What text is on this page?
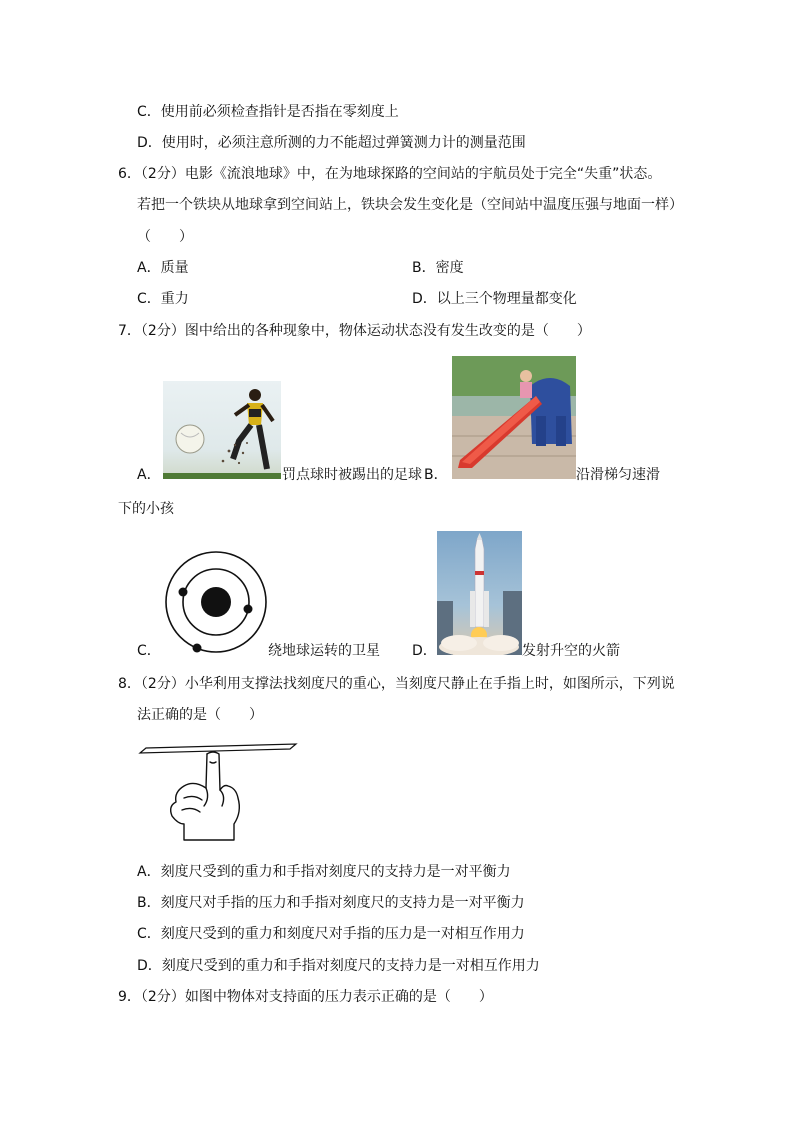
C．使用前必须检查指针是否指在零刻度上
D．使用时，必须注意所测的力不能超过弹簧测力计的测量范围
6．（2分）电影《流浪地球》中，在为地球探路的空间站的宇航员处于完全“失重”状态。
若把一个铁块从地球拿到空间站上，铁块会发生变化是（空间站中温度压强与地面一样）
（　　）
A．质量	B．密度
C．重力	D．以上三个物理量都变化
7．（2分）图中给出的各种现象中，物体运动状态没有发生改变的是（　　）
A．	罚点球时被踢出的足球 B．	沿滑梯匀速滑
下的小孩
C．	绕地球运转的卫星 D．	发射升空的火箭
8．（2分）小华利用支撑法找刻度尺的重心，当刻度尺静止在手指上时，如图所示，下列说
法正确的是（　　）
A．刻度尺受到的重力和手指对刻度尺的支持力是一对平衡力
B．刻度尺对手指的压力和手指对刻度尺的支持力是一对平衡力
C．刻度尺受到的重力和刻度尺对手指的压力是一对相互作用力
D．刻度尺受到的重力和手指对刻度尺的支持力是一对相互作用力
9．（2分）如图中物体对支持面的压力表示正确的是（　　）
